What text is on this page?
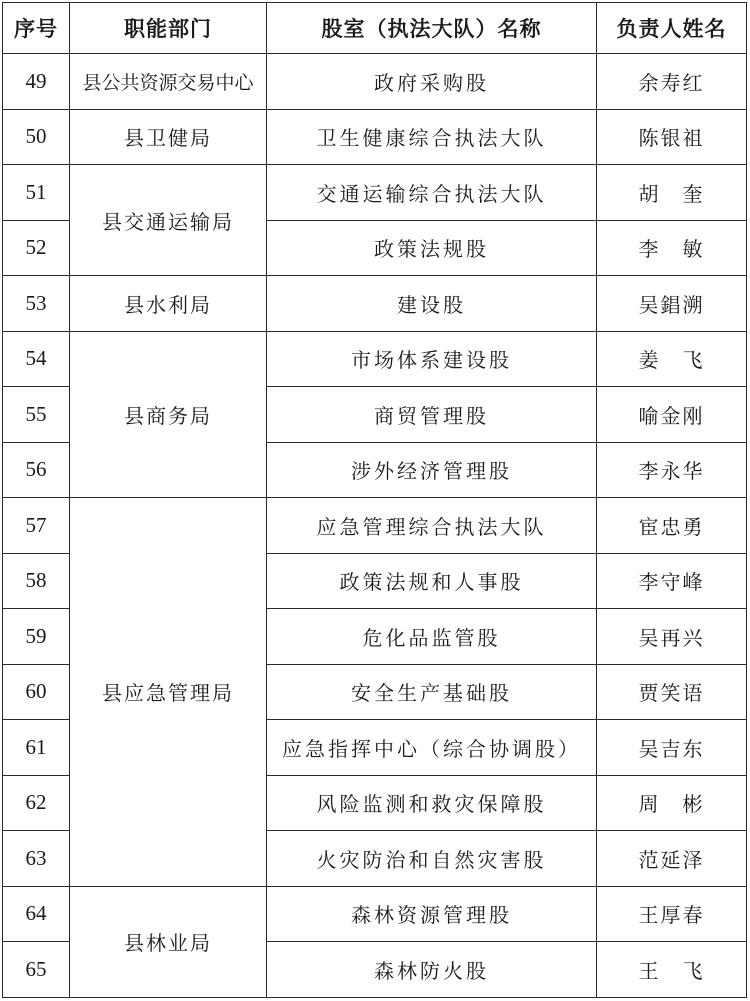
序号	职能部门	股室（执法大队）名称	负责人姓名
49	县公共资源交易中心	政府采购股	余寿红
50	县卫健局	卫生健康综合执法大队	陈银祖
51	县交通运输局	交通运输综合执法大队	胡　奎
52		政策法规股	李　敏
53	县水利局	建设股	吴錩溯
54	县商务局	市场体系建设股	姜　飞
55		商贸管理股	喻金刚
56		涉外经济管理股	李永华
57	县应急管理局	应急管理综合执法大队	宦忠勇
58		政策法规和人事股	李守峰
59		危化品监管股	吴再兴
60		安全生产基础股	贾笑语
61		应急指挥中心（综合协调股）	吴吉东
62		风险监测和救灾保障股	周　彬
63		火灾防治和自然灾害股	范延泽
64	县林业局	森林资源管理股	王厚春
65		森林防火股	王　飞
